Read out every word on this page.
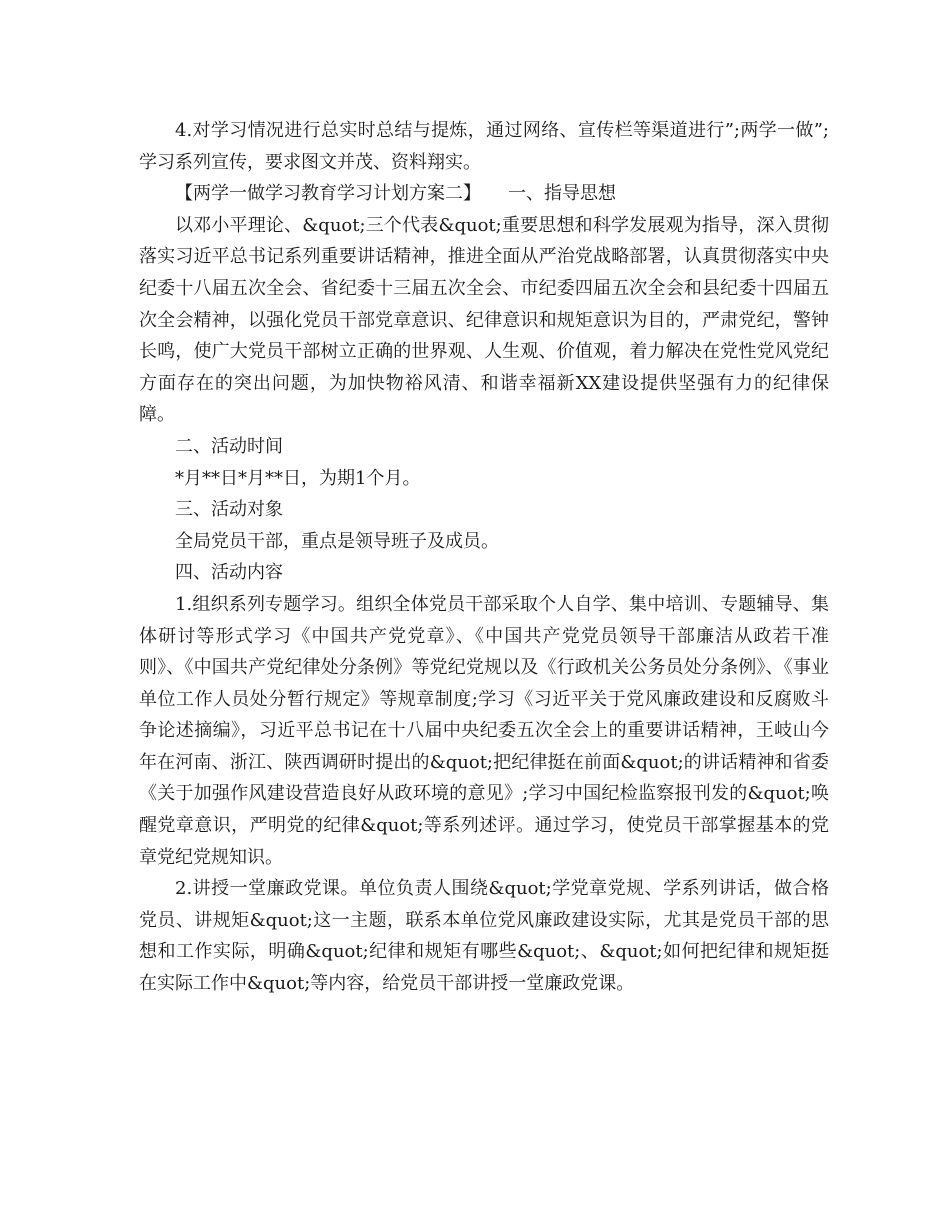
4.对学习情况进行总实时总结与提炼，通过网络、宣传栏等渠道进行”;两学一做”;学习系列宣传，要求图文并茂、资料翔实。

【两学一做学习教育学习计划方案二】　　一、指导思想

以邓小平理论、&quot;三个代表&quot;重要思想和科学发展观为指导，深入贯彻落实习近平总书记系列重要讲话精神，推进全面从严治党战略部署，认真贯彻落实中央纪委十八届五次全会、省纪委十三届五次全会、市纪委四届五次全会和县纪委十四届五次全会精神，以强化党员干部党章意识、纪律意识和规矩意识为目的，严肃党纪，警钟长鸣，使广大党员干部树立正确的世界观、人生观、价值观，着力解决在党性党风党纪方面存在的突出问题，为加快物裕风清、和谐幸福新XX建设提供坚强有力的纪律保障。

二、活动时间

*月**日*月**日，为期1个月。

三、活动对象

全局党员干部，重点是领导班子及成员。

四、活动内容

1.组织系列专题学习。组织全体党员干部采取个人自学、集中培训、专题辅导、集体研讨等形式学习《中国共产党党章》、《中国共产党党员领导干部廉洁从政若干准则》、《中国共产党纪律处分条例》等党纪党规以及《行政机关公务员处分条例》、《事业单位工作人员处分暂行规定》等规章制度;学习《习近平关于党风廉政建设和反腐败斗争论述摘编》，习近平总书记在十八届中央纪委五次全会上的重要讲话精神，王岐山今年在河南、浙江、陕西调研时提出的&quot;把纪律挺在前面&quot;的讲话精神和省委《关于加强作风建设营造良好从政环境的意见》;学习中国纪检监察报刊发的&quot;唤醒党章意识，严明党的纪律&quot;等系列述评。通过学习，使党员干部掌握基本的党章党纪党规知识。

2.讲授一堂廉政党课。单位负责人围绕&quot;学党章党规、学系列讲话，做合格党员、讲规矩&quot;这一主题，联系本单位党风廉政建设实际，尤其是党员干部的思想和工作实际，明确&quot;纪律和规矩有哪些&quot;、&quot;如何把纪律和规矩挺在实际工作中&quot;等内容，给党员干部讲授一堂廉政党课。
